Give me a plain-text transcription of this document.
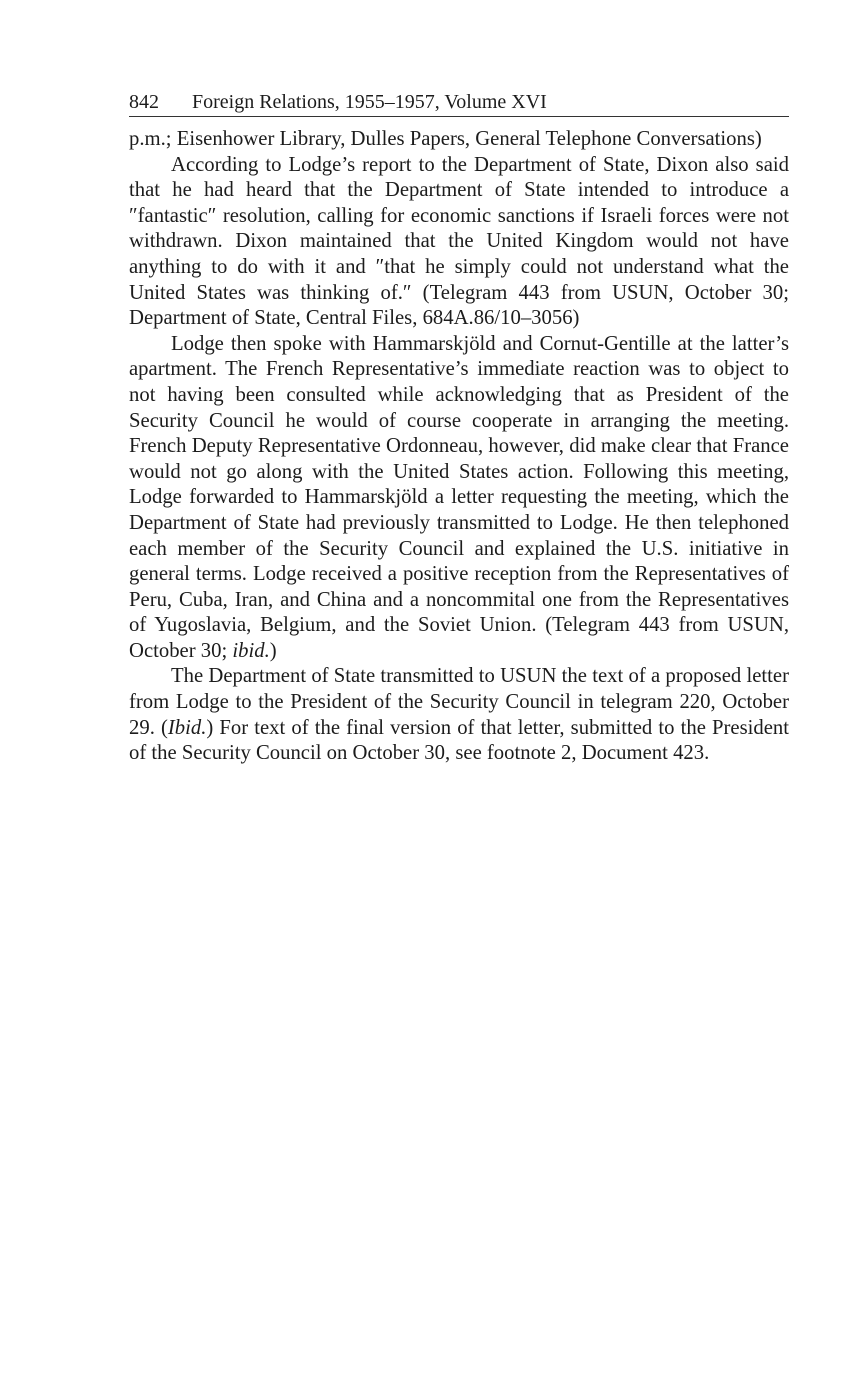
842 Foreign Relations, 1955–1957, Volume XVI

p.m.; Eisenhower Library, Dulles Papers, General Telephone Conversations)

According to Lodge’s report to the Department of State, Dixon also said that he had heard that the Department of State intended to introduce a ″fantastic″ resolution, calling for economic sanctions if Israeli forces were not withdrawn. Dixon maintained that the United Kingdom would not have anything to do with it and ″that he simply could not understand what the United States was thinking of.″ (Telegram 443 from USUN, October 30; Department of State, Central Files, 684A.86/10–3056)

Lodge then spoke with Hammarskjöld and Cornut-Gentille at the latter’s apartment. The French Representative’s immediate reaction was to object to not having been consulted while acknowledging that as President of the Security Council he would of course cooperate in arranging the meeting. French Deputy Representative Ordonneau, however, did make clear that France would not go along with the United States action. Following this meeting, Lodge forwarded to Hammarskjöld a letter requesting the meeting, which the Department of State had previously transmitted to Lodge. He then telephoned each member of the Security Council and explained the U.S. initiative in general terms. Lodge received a positive reception from the Representatives of Peru, Cuba, Iran, and China and a noncommital one from the Representatives of Yugoslavia, Belgium, and the Soviet Union. (Telegram 443 from USUN, October 30; ibid.)

The Department of State transmitted to USUN the text of a proposed letter from Lodge to the President of the Security Council in telegram 220, October 29. (Ibid.) For text of the final version of that letter, submitted to the President of the Security Council on October 30, see footnote 2, Document 423.
